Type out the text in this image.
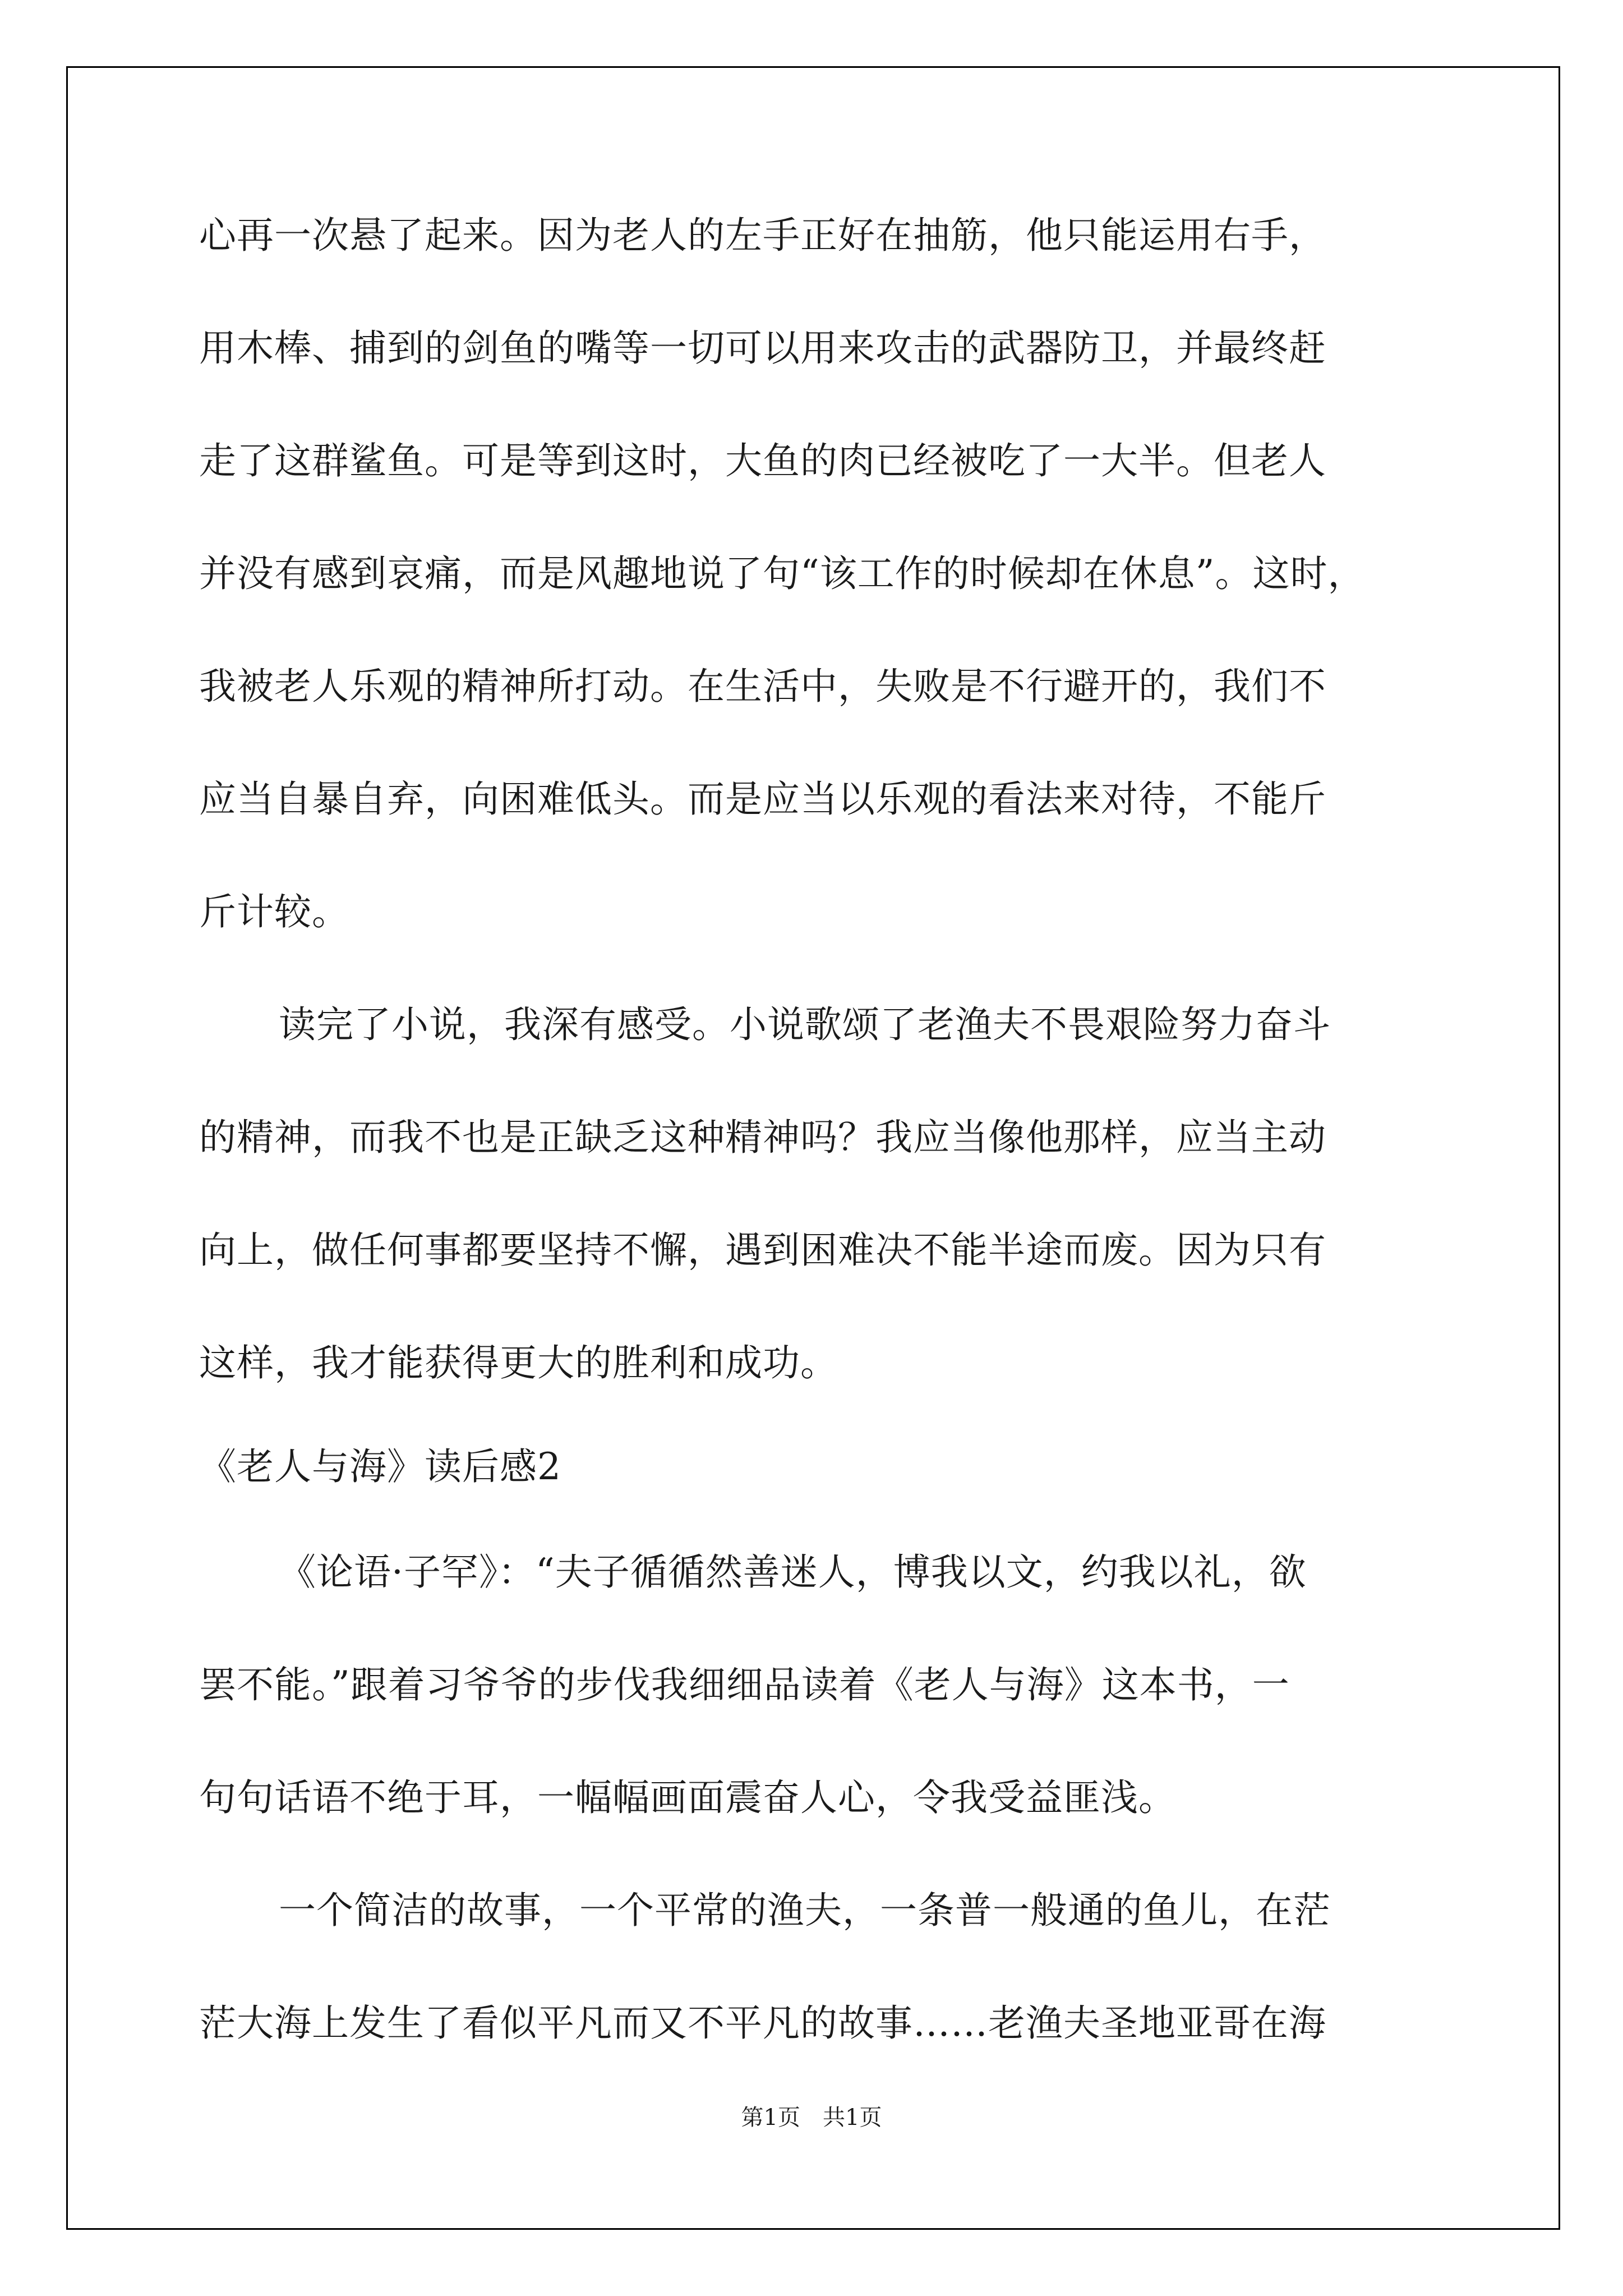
心再一次悬了起来。因为老人的左手正好在抽筋，他只能运用右手，
用木棒、捕到的剑鱼的嘴等一切可以用来攻击的武器防卫，并最终赶
走了这群鲨鱼。可是等到这时，大鱼的肉已经被吃了一大半。但老人
并没有感到哀痛，而是风趣地说了句“该工作的时候却在休息”。这时，
我被老人乐观的精神所打动。在生活中，失败是不行避开的，我们不
应当自暴自弃，向困难低头。而是应当以乐观的看法来对待，不能斤
斤计较。
读完了小说，我深有感受。小说歌颂了老渔夫不畏艰险努力奋斗
的精神，而我不也是正缺乏这种精神吗？我应当像他那样，应当主动
向上，做任何事都要坚持不懈，遇到困难决不能半途而废。因为只有
这样，我才能获得更大的胜利和成功。
《老人与海》读后感2
《论语·子罕》：“夫子循循然善迷人，博我以文，约我以礼，欲
罢不能。”跟着习爷爷的步伐我细细品读着《老人与海》这本书，一
句句话语不绝于耳，一幅幅画面震奋人心，令我受益匪浅。
一个简洁的故事，一个平常的渔夫，一条普一般通的鱼儿，在茫
茫大海上发生了看似平凡而又不平凡的故事……老渔夫圣地亚哥在海
第1页　共1页
